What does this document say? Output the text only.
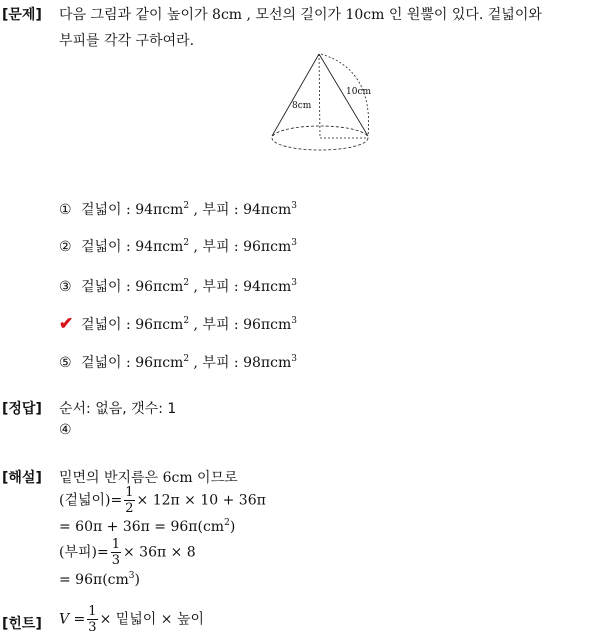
[문제] 다음 그림과 같이 높이가 8cm , 모선의 길이가 10cm 인 원뿔이 있다. 겉넓이와
부피를 각각 구하여라.
8cm
10cm
① 겉넓이 : 94πcm$^2$ , 부피 : 94πcm$^3$
② 겉넓이 : 94πcm$^2$ , 부피 : 96πcm$^3$
③ 겉넓이 : 96πcm$^2$ , 부피 : 94πcm$^3$
✔ 겉넓이 : 96πcm$^2$ , 부피 : 96πcm$^3$
⑤ 겉넓이 : 96πcm$^2$ , 부피 : 98πcm$^3$
[정답] 순서: 없음, 갯수: 1
④
[해설] 밑면의 반지름은 6cm 이므로
(겉넓이)= $\frac{1}{2} \times 12\pi \times 10 + 36\pi$
= $60\pi + 36\pi = 96\pi(cm^2)$
(부피)= $\frac{1}{3} \times 36\pi \times 8$
= $96\pi(cm^3)$
[힌트] $V = \frac{1}{3}$ × 밑넓이 × 높이
